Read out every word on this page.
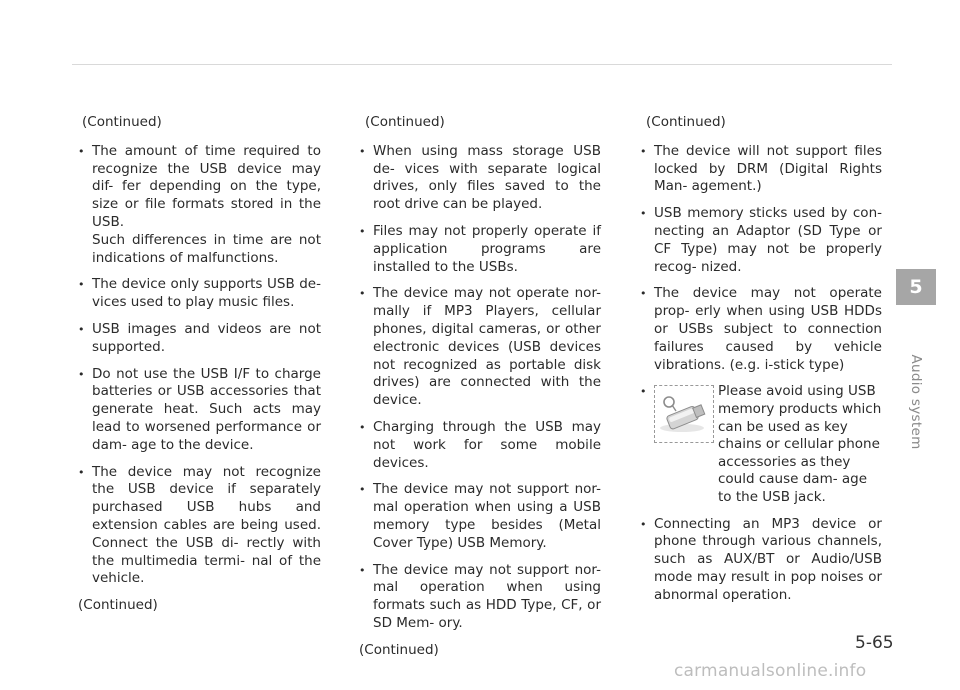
(Continued)
• The amount of time required to recognize the USB device may dif- fer depending on the type, size or file formats stored in the USB.
Such differences in time are not indications of malfunctions.
• The device only supports USB de- vices used to play music files.
• USB images and videos are not supported.
• Do not use the USB I/F to charge batteries or USB accessories that generate heat. Such acts may lead to worsened performance or dam- age to the device.
• The device may not recognize the USB device if separately purchased USB hubs and extension cables are being used. Connect the USB di- rectly with the multimedia termi- nal of the vehicle.
(Continued)
(Continued)
• When using mass storage USB de- vices with separate logical drives, only files saved to the root drive can be played.
• Files may not properly operate if application programs are installed to the USBs.
• The device may not operate nor- mally if MP3 Players, cellular phones, digital cameras, or other electronic devices (USB devices not recognized as portable disk drives) are connected with the device.
• Charging through the USB may not work for some mobile devices.
• The device may not support nor- mal operation when using a USB memory type besides (Metal Cover Type) USB Memory.
• The device may not support nor- mal operation when using formats such as HDD Type, CF, or SD Mem- ory.
(Continued)
(Continued)
• The device will not support files locked by DRM (Digital Rights Man- agement.)
• USB memory sticks used by con- necting an Adaptor (SD Type or CF Type) may not be properly recog- nized.
• The device may not operate prop- erly when using USB HDDs or USBs subject to connection failures caused by vehicle vibrations. (e.g. i-stick type)
• Please avoid using USB memory products which can be used as key chains or cellular phone accessories as they could cause dam- age to the USB jack.
• Connecting an MP3 device or phone through various channels, such as AUX/BT or Audio/USB mode may result in pop noises or abnormal operation.
5
Audio system
5-65
carmanualsonline.info
